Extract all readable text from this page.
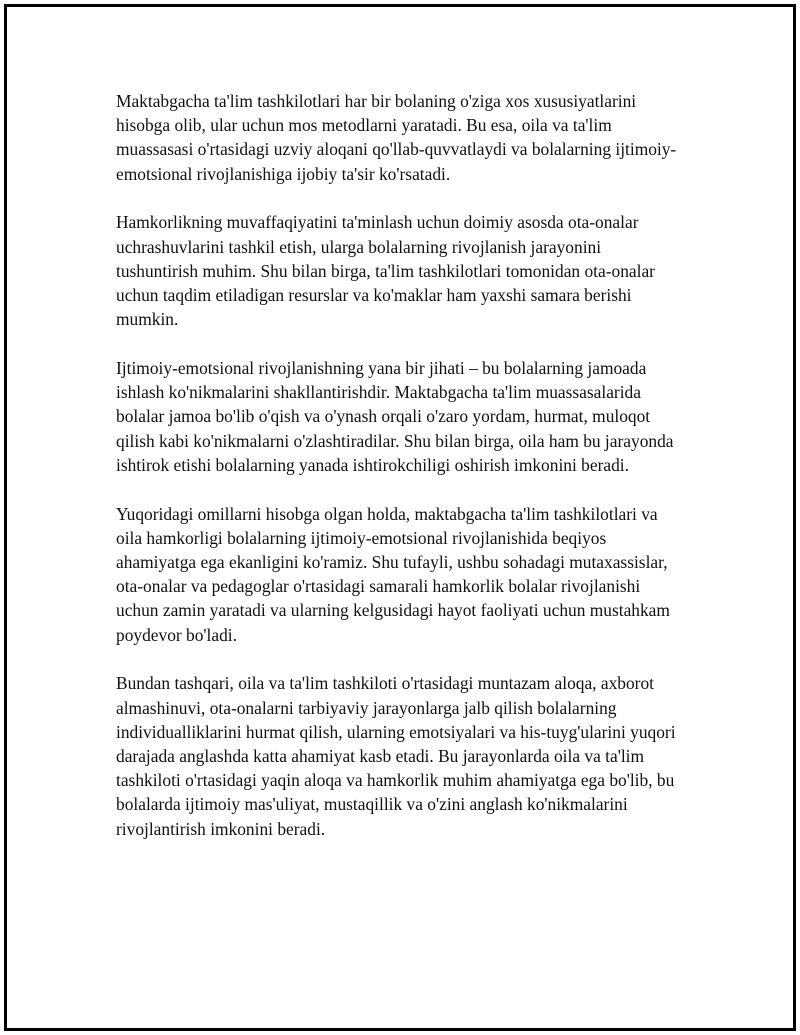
Maktabgacha ta'lim tashkilotlari har bir bolaning o'ziga xos xususiyatlarini hisobga olib, ular uchun mos metodlarni yaratadi. Bu esa, oila va ta'lim muassasasi o'rtasidagi uzviy aloqani qo'llab-quvvatlaydi va bolalarning ijtimoiy-emotsional rivojlanishiga ijobiy ta'sir ko'rsatadi.

Hamkorlikning muvaffaqiyatini ta'minlash uchun doimiy asosda ota-onalar uchrashuvlarini tashkil etish, ularga bolalarning rivojlanish jarayonini tushuntirish muhim. Shu bilan birga, ta'lim tashkilotlari tomonidan ota-onalar uchun taqdim etiladigan resurslar va ko'maklar ham yaxshi samara berishi mumkin.

Ijtimoiy-emotsional rivojlanishning yana bir jihati – bu bolalarning jamoada ishlash ko'nikmalarini shakllantirishdir. Maktabgacha ta'lim muassasalarida bolalar jamoa bo'lib o'qish va o'ynash orqali o'zaro yordam, hurmat, muloqot qilish kabi ko'nikmalarni o'zlashtiradilar. Shu bilan birga, oila ham bu jarayonda ishtirok etishi bolalarning yanada ishtirokchiligi oshirish imkonini beradi.

Yuqoridagi omillarni hisobga olgan holda, maktabgacha ta'lim tashkilotlari va oila hamkorligi bolalarning ijtimoiy-emotsional rivojlanishida beqiyos ahamiyatga ega ekanligini ko'ramiz. Shu tufayli, ushbu sohadagi mutaxassislar, ota-onalar va pedagoglar o'rtasidagi samarali hamkorlik bolalar rivojlanishi uchun zamin yaratadi va ularning kelgusidagi hayot faoliyati uchun mustahkam poydevor bo'ladi.

Bundan tashqari, oila va ta'lim tashkiloti o'rtasidagi muntazam aloqa, axborot almashinuvi, ota-onalarni tarbiyaviy jarayonlarga jalb qilish bolalarning individualliklarini hurmat qilish, ularning emotsiyalari va his-tuyg'ularini yuqori darajada anglashda katta ahamiyat kasb etadi. Bu jarayonlarda oila va ta'lim tashkiloti o'rtasidagi yaqin aloqa va hamkorlik muhim ahamiyatga ega bo'lib, bu bolalarda ijtimoiy mas'uliyat, mustaqillik va o'zini anglash ko'nikmalarini rivojlantirish imkonini beradi.
